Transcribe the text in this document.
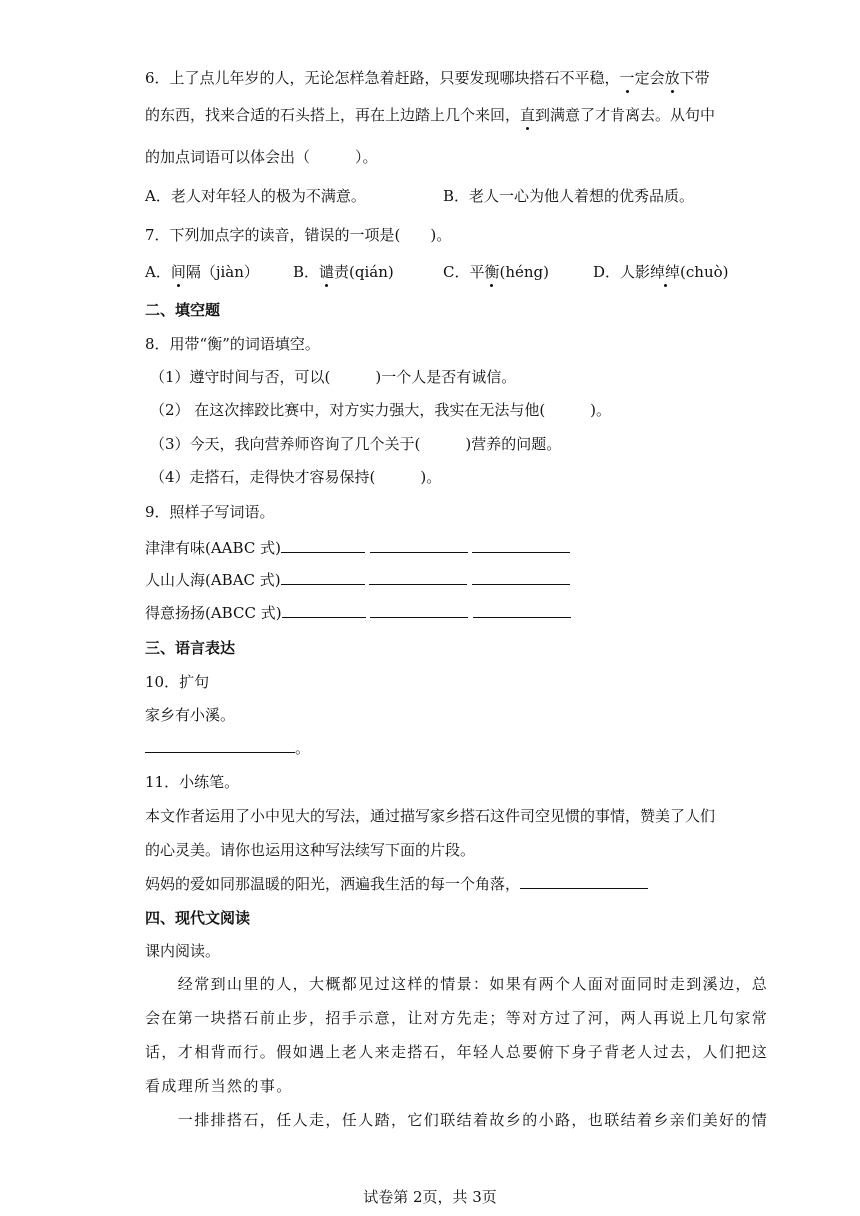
6．上了点儿年岁的人，无论怎样急着赶路，只要发现哪块搭石不平稳，一定会放下带
的东西，找来合适的石头搭上，再在上边踏上几个来回，直到满意了才肯离去。从句中
的加点词语可以体会出（　　　）。
A．老人对年轻人的极为不满意。	B．老人一心为他人着想的优秀品质。
7．下列加点字的读音，错误的一项是(　　)。
A．间隔（jiàn） B．谴责(qián)	C．平衡(héng)	D．人影绰绰(chuò)
二、填空题
8．用带“衡”的词语填空。
（1）遵守时间与否，可以(　　　)一个人是否有诚信。
（2） 在这次摔跤比赛中，对方实力强大，我实在无法与他(　　　)。
（3）今天，我向营养师咨询了几个关于(　　　)营养的问题。
（4）走搭石，走得快才容易保持(　　　)。
9．照样子写词语。
津津有味(AABC 式)
人山人海(ABAC 式)
得意扬扬(ABCC 式)
三、语言表达
10．扩句
家乡有小溪。
。
11．小练笔。
本文作者运用了小中见大的写法，通过描写家乡搭石这件司空见惯的事情，赞美了人们
的心灵美。请你也运用这种写法续写下面的片段。
妈妈的爱如同那温暖的阳光，洒遍我生活的每一个角落，
四、现代文阅读
课内阅读。
　　经常到山里的人，大概都见过这样的情景：如果有两个人面对面同时走到溪边，总
会在第一块搭石前止步，招手示意，让对方先走；等对方过了河，两人再说上几句家常
话，才相背而行。假如遇上老人来走搭石，年轻人总要俯下身子背老人过去，人们把这
看成理所当然的事。
　　一排排搭石，任人走，任人踏，它们联结着故乡的小路，也联结着乡亲们美好的情
试卷第 2页，共 3页
